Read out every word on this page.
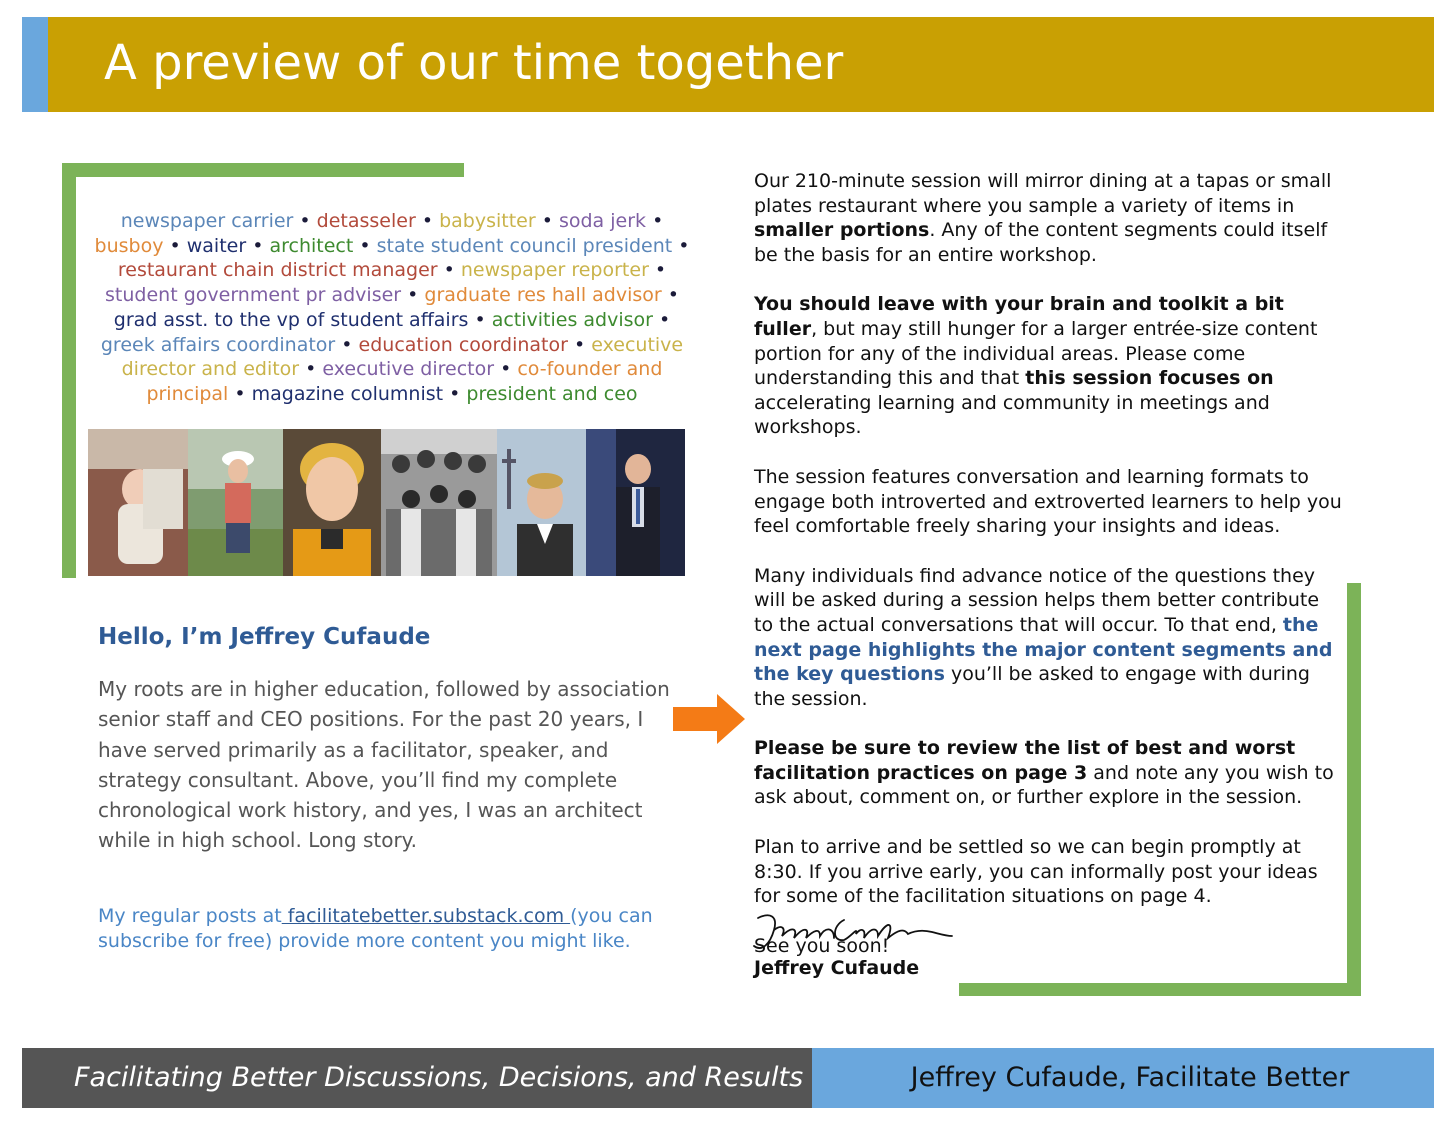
A preview of our time together
newspaper carrier • detasseler • babysitter • soda jerk • busboy • waiter • architect • state student council president • restaurant chain district manager • newspaper reporter • student government pr adviser • graduate res hall advisor • grad asst. to the vp of student affairs • activities advisor • greek affairs coordinator • education coordinator • executive director and editor • executive director • co-founder and principal • magazine columnist • president and ceo
Hello, I’m Jeffrey Cufaude
My roots are in higher education, followed by association senior staff and CEO positions. For the past 20 years, I have served primarily as a facilitator, speaker, and strategy consultant. Above, you’ll find my complete chronological work history, and yes, I was an architect while in high school. Long story.
My regular posts at facilitatebetter.substack.com (you can subscribe for free) provide more content you might like.

Our 210-minute session will mirror dining at a tapas or small plates restaurant where you sample a variety of items in smaller portions. Any of the content segments could itself be the basis for an entire workshop.

You should leave with your brain and toolkit a bit fuller, but may still hunger for a larger entrée-size content portion for any of the individual areas. Please come understanding this and that this session focuses on accelerating learning and community in meetings and workshops.

The session features conversation and learning formats to engage both introverted and extroverted learners to help you feel comfortable freely sharing your insights and ideas.

Many individuals find advance notice of the questions they will be asked during a session helps them better contribute to the actual conversations that will occur. To that end, the next page highlights the major content segments and the key questions you’ll be asked to engage with during the session.

Please be sure to review the list of best and worst facilitation practices on page 3 and note any you wish to ask about, comment on, or further explore in the session.

Plan to arrive and be settled so we can begin promptly at 8:30. If you arrive early, you can informally post your ideas for some of the facilitation situations on page 4.

See you soon!

Jeffrey Cufaude
Facilitating Better Discussions, Decisions, and Results	Jeffrey Cufaude, Facilitate Better
